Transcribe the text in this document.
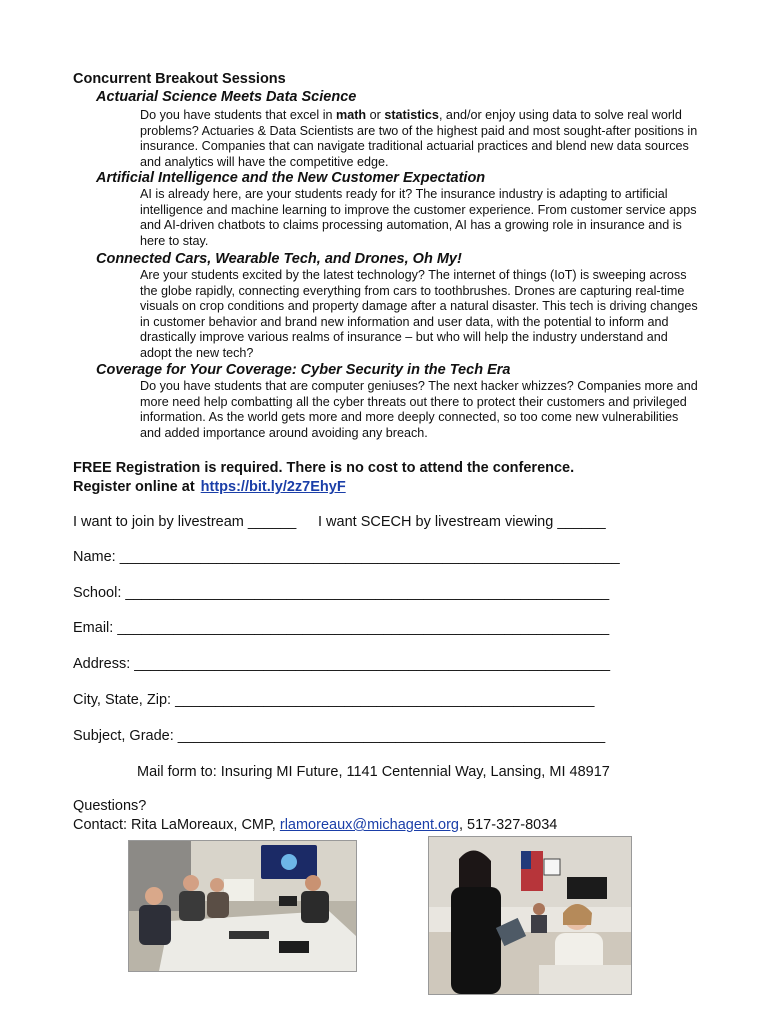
Concurrent Breakout Sessions
Actuarial Science Meets Data Science
Do you have students that excel in math or statistics, and/or enjoy using data to solve real world problems? Actuaries & Data Scientists are two of the highest paid and most sought-after positions in insurance. Companies that can navigate traditional actuarial practices and blend new data sources and analytics will have the competitive edge.
Artificial Intelligence and the New Customer Expectation
AI is already here, are your students ready for it? The insurance industry is adapting to artificial intelligence and machine learning to improve the customer experience. From customer service apps and AI-driven chatbots to claims processing automation, AI has a growing role in insurance and is here to stay.
Connected Cars, Wearable Tech, and Drones, Oh My!
Are your students excited by the latest technology? The internet of things (IoT) is sweeping across the globe rapidly, connecting everything from cars to toothbrushes. Drones are capturing real-time visuals on crop conditions and property damage after a natural disaster. This tech is driving changes in customer behavior and brand new information and user data, with the potential to inform and drastically improve various realms of insurance – but who will help the industry understand and adopt the new tech?
Coverage for Your Coverage: Cyber Security in the Tech Era
Do you have students that are computer geniuses? The next hacker whizzes? Companies more and more need help combatting all the cyber threats out there to protect their customers and privileged information. As the world gets more and more deeply connected, so too come new vulnerabilities and added importance around avoiding any breach.
FREE Registration is required. There is no cost to attend the conference.
Register online at https://bit.ly/2z7EhyF
I want to join by livestream ______ I want SCECH by livestream viewing ______
Name: ______________________________________________________________
School: ____________________________________________________________
Email: _____________________________________________________________
Address: ___________________________________________________________
City, State, Zip: ____________________________________________________
Subject, Grade: _____________________________________________________
Mail form to: Insuring MI Future, 1141 Centennial Way, Lansing, MI 48917
Questions?
Contact: Rita LaMoreaux, CMP, rlamoreaux@michagent.org, 517-327-8034
